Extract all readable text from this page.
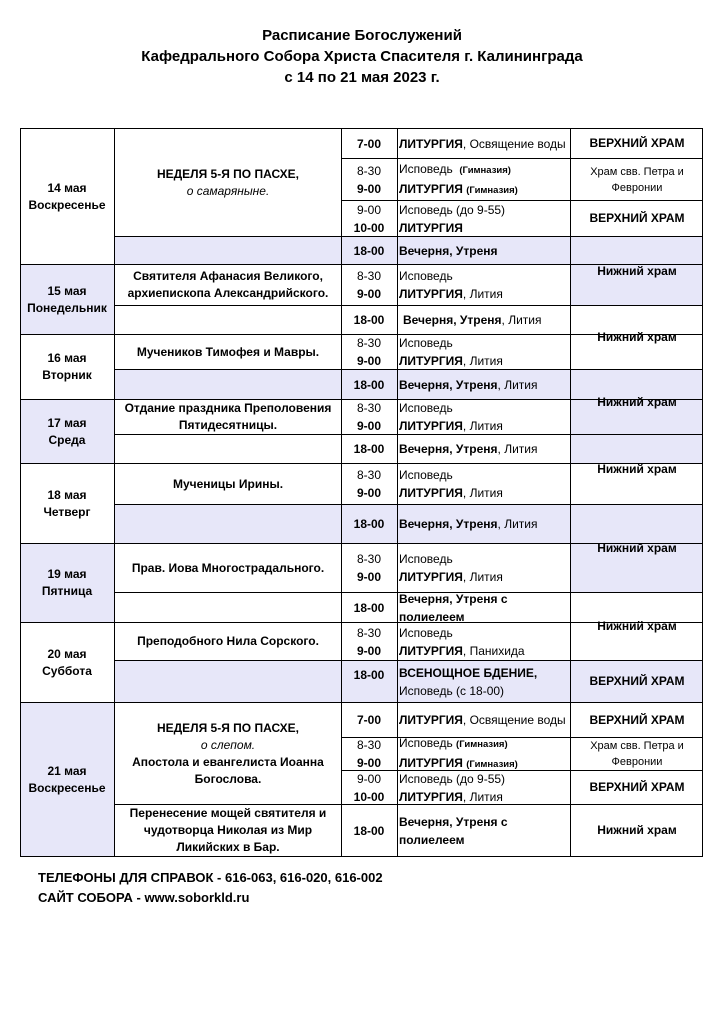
Расписание Богослужений
Кафедрального Собора Христа Спасителя г. Калининграда
с 14 по 21 мая 2023 г.
14 мая
Воскресенье
15 мая
Понедельник
16 мая
Вторник
17 мая
Среда
18 мая
Четверг
19 мая
Пятница
20 мая
Суббота
21 мая
Воскресенье
НЕДЕЛЯ 5-Я ПО ПАСХЕ,
о самаряныне.
Святителя Афанасия Великого,
архиепископа Александрийского.
Мучеников Тимофея и Мавры.
Отдание праздника Преполовения
Пятидесятницы.
Мученицы Ирины.
Прав. Иова Многострадального.
Преподобного Нила Сорского.
НЕДЕЛЯ 5-Я ПО ПАСХЕ,
о слепом.
Апостола и евангелиста Иоанна
Богослова.
Перенесение мощей святителя и
чудотворца Николая из Мир
Ликийских в Бар.
7-00 ЛИТУРГИЯ, Освящение воды
8-30
9-00
Исповедь (Гимназия)
ЛИТУРГИЯ (Гимназия)
9-00
10-00
Исповедь (до 9-55)
ЛИТУРГИЯ
18-00 Вечерня, Утреня
8-30
9-00
Исповедь
ЛИТУРГИЯ, Лития
18-00 Вечерня, Утреня, Лития
8-30
9-00
Исповедь
ЛИТУРГИЯ, Лития
18-00 Вечерня, Утреня, Лития
8-30
9-00
Исповедь
ЛИТУРГИЯ, Лития
18-00 Вечерня, Утреня, Лития
8-30
9-00
Исповедь
ЛИТУРГИЯ, Лития
18-00 Вечерня, Утреня, Лития
8-30
9-00
Исповедь
ЛИТУРГИЯ, Лития
18-00
Вечерня, Утреня с
полиелеем
8-30
9-00
Исповедь
ЛИТУРГИЯ, Панихида
18-00 ВСЕНОЩНОЕ БДЕНИЕ,
Исповедь (с 18-00)
7-00 ЛИТУРГИЯ, Освящение воды
8-30
9-00
Исповедь (Гимназия)
ЛИТУРГИЯ (Гимназия)
9-00
10-00
Исповедь (до 9-55)
ЛИТУРГИЯ, Лития
18-00
Вечерня, Утреня с
полиелеем
ВЕРХНИЙ ХРАМ
Храм свв. Петра и
Февронии
ВЕРХНИЙ ХРАМ
Нижний храм
Нижний храм
Нижний храм
Нижний храм
Нижний храм
Нижний храм
ВЕРХНИЙ ХРАМ
ВЕРХНИЙ ХРАМ
Храм свв. Петра и
Февронии
ВЕРХНИЙ ХРАМ
Нижний храм
ТЕЛЕФОНЫ ДЛЯ СПРАВОК - 616-063, 616-020, 616-002
САЙТ СОБОРА - www.soborkld.ru
